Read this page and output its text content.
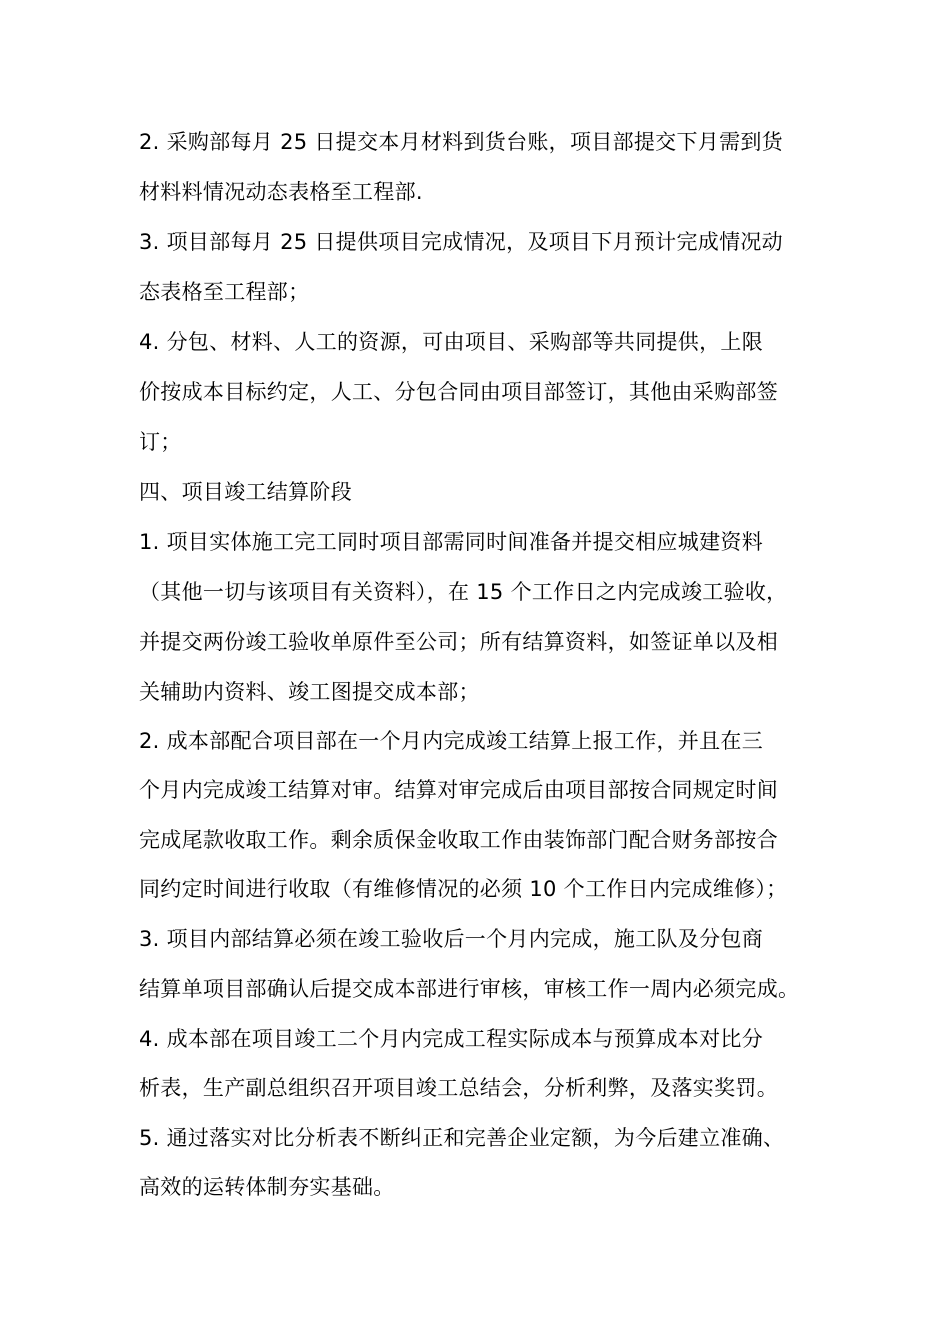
2. 采购部每月 25 日提交本月材料到货台账，项目部提交下月需到货
材料料情况动态表格至工程部.
3. 项目部每月 25 日提供项目完成情况，及项目下月预计完成情况动
态表格至工程部；
4. 分包、材料、人工的资源，可由项目、采购部等共同提供，上限
价按成本目标约定，人工、分包合同由项目部签订，其他由采购部签
订；
四、项目竣工结算阶段
1. 项目实体施工完工同时项目部需同时间准备并提交相应城建资料
（其他一切与该项目有关资料），在 15 个工作日之内完成竣工验收，
并提交两份竣工验收单原件至公司；所有结算资料，如签证单以及相
关辅助内资料、竣工图提交成本部；
2. 成本部配合项目部在一个月内完成竣工结算上报工作，并且在三
个月内完成竣工结算对审。结算对审完成后由项目部按合同规定时间
完成尾款收取工作。剩余质保金收取工作由装饰部门配合财务部按合
同约定时间进行收取（有维修情况的必须 10 个工作日内完成维修）；
3. 项目内部结算必须在竣工验收后一个月内完成，施工队及分包商
结算单项目部确认后提交成本部进行审核，审核工作一周内必须完成。
4. 成本部在项目竣工二个月内完成工程实际成本与预算成本对比分
析表，生产副总组织召开项目竣工总结会，分析利弊，及落实奖罚。
5. 通过落实对比分析表不断纠正和完善企业定额，为今后建立准确、
高效的运转体制夯实基础。
